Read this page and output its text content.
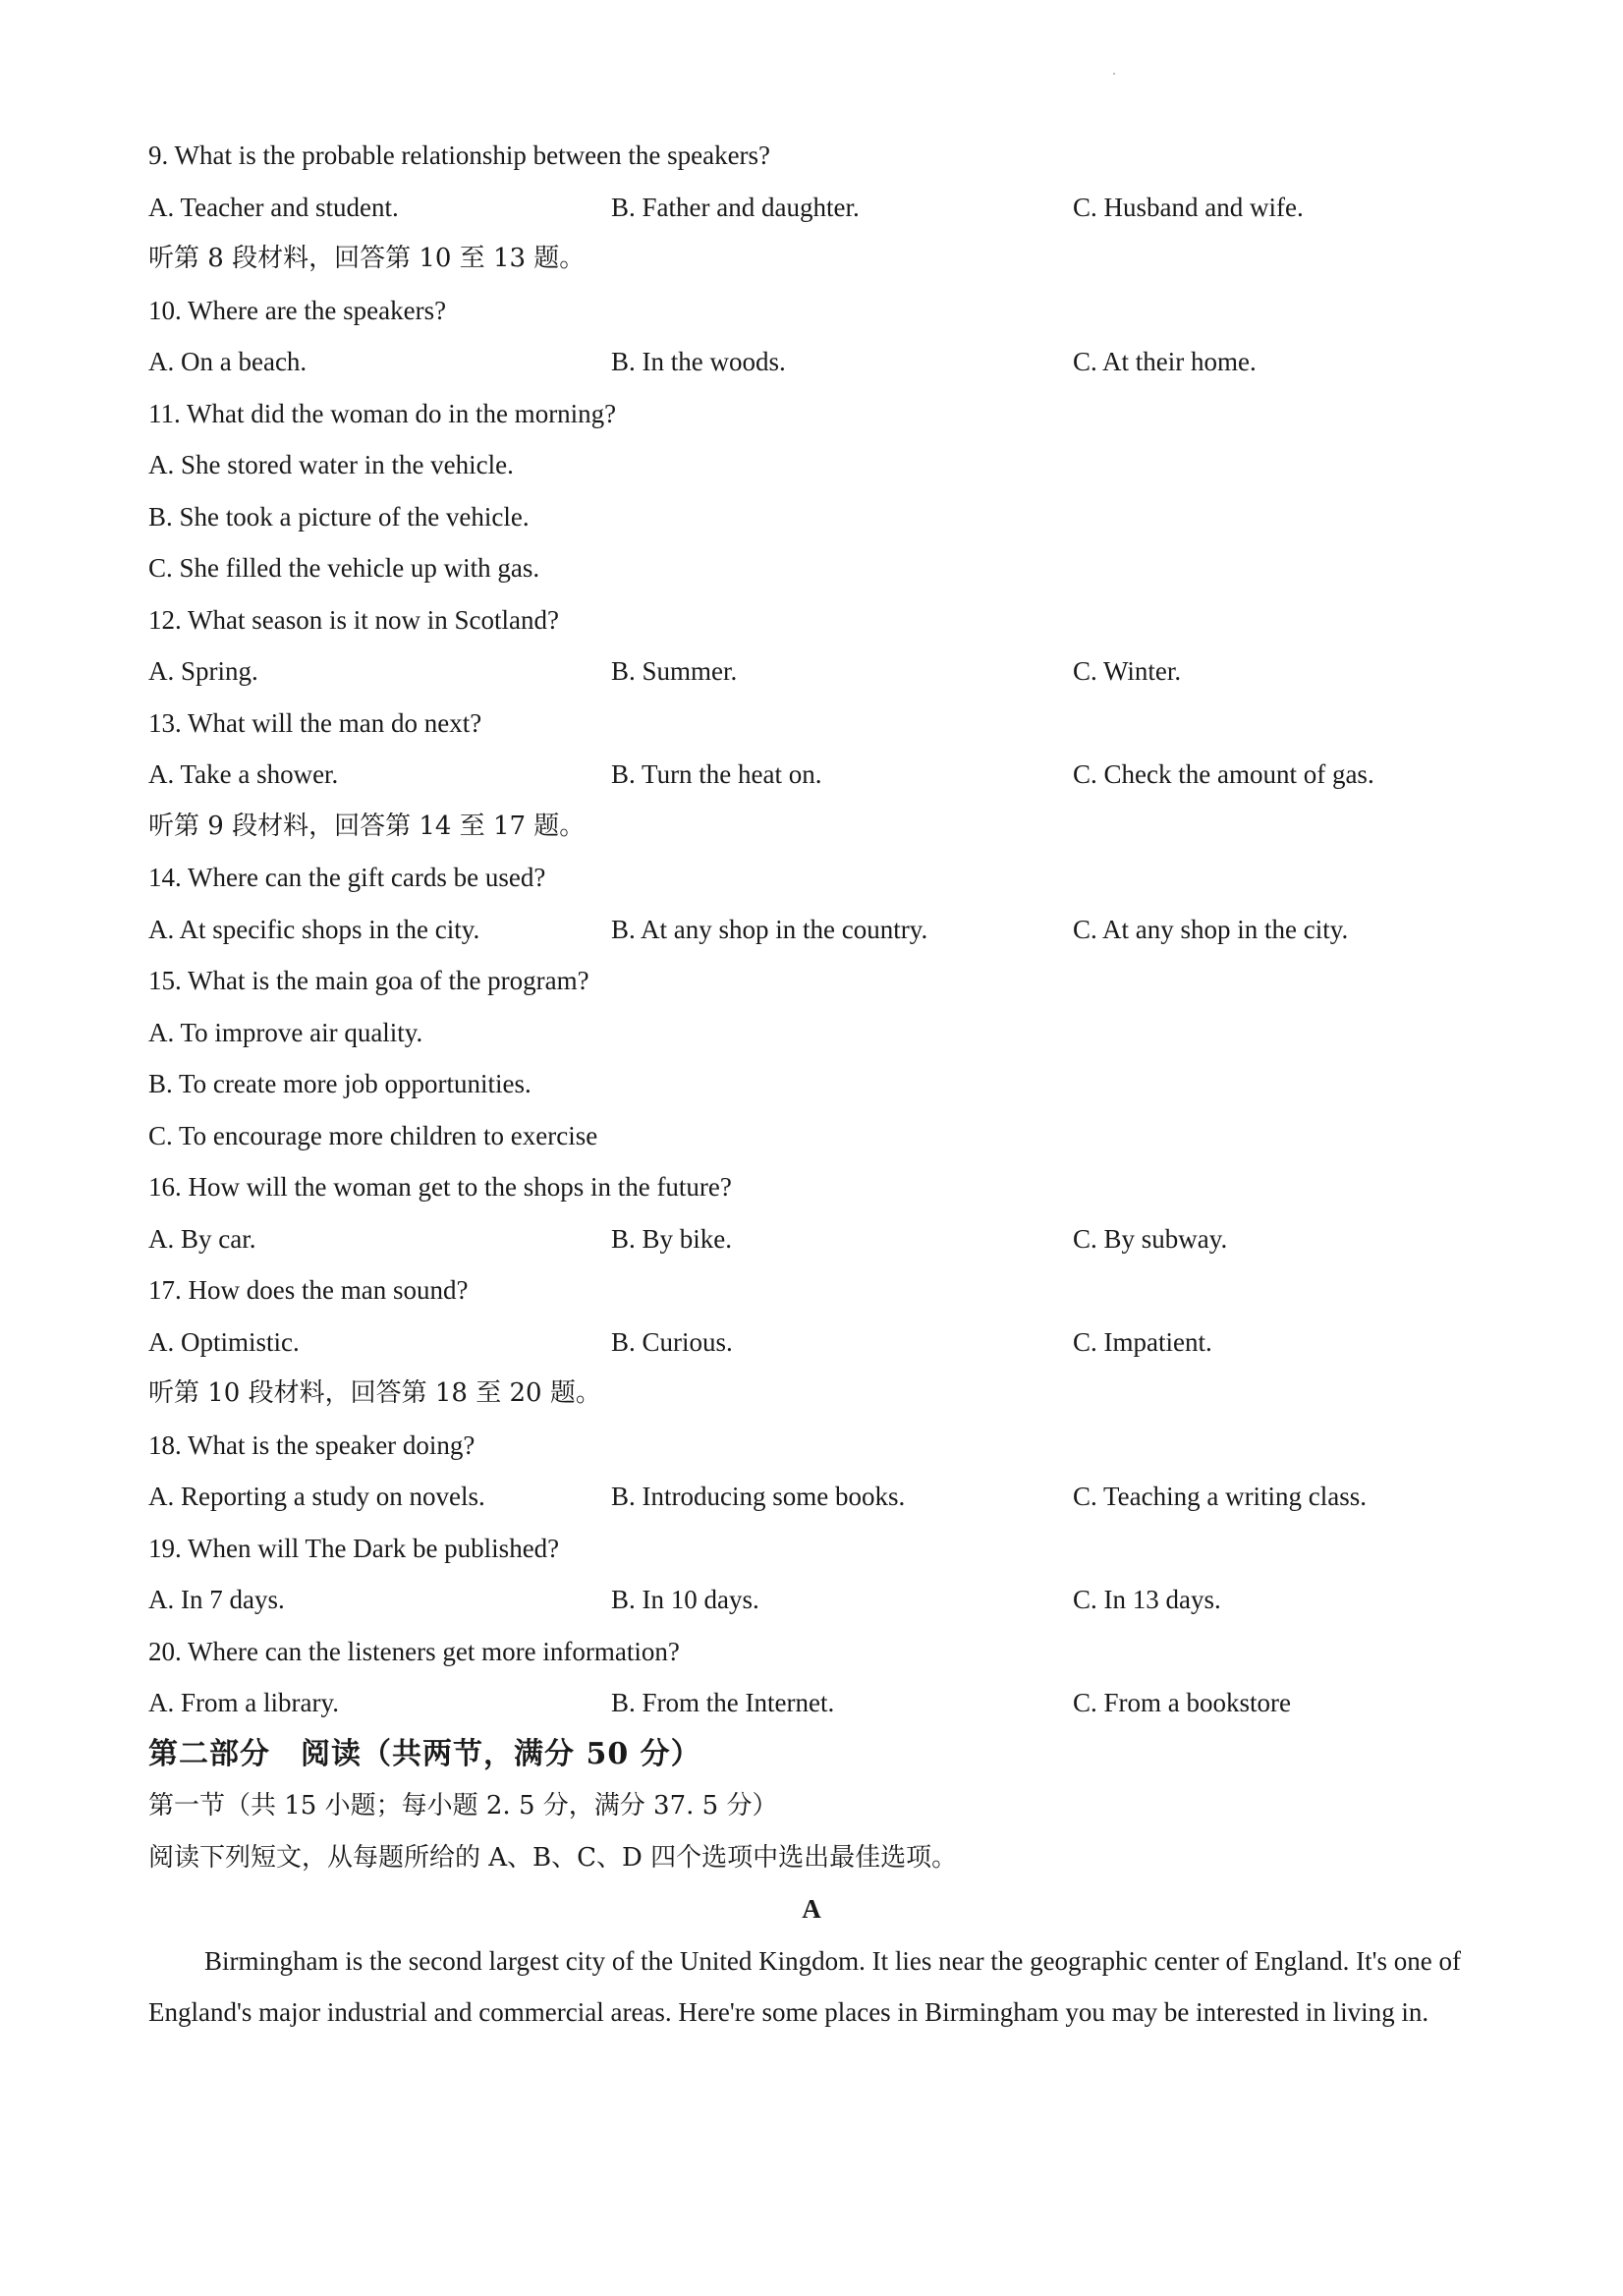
9. What is the probable relationship between the speakers?
A. Teacher and student.	B. Father and daughter.	C. Husband and wife.
听第 8 段材料，回答第 10 至 13 题。
10. Where are the speakers?
A. On a beach.	B. In the woods.	C. At their home.
11. What did the woman do in the morning?
A. She stored water in the vehicle.
B. She took a picture of the vehicle.
C. She filled the vehicle up with gas.
12. What season is it now in Scotland?
A. Spring.	B. Summer.	C. Winter.
13. What will the man do next?
A. Take a shower.	B. Turn the heat on.	C. Check the amount of gas.
听第 9 段材料，回答第 14 至 17 题。
14. Where can the gift cards be used?
A. At specific shops in the city.	B. At any shop in the country.	C. At any shop in the city.
15. What is the main goa of the program?
A. To improve air quality.
B. To create more job opportunities.
C. To encourage more children to exercise
16. How will the woman get to the shops in the future?
A. By car.	B. By bike.	C. By subway.
17. How does the man sound?
A. Optimistic.	B. Curious.	C. Impatient.
听第 10 段材料，回答第 18 至 20 题。
18. What is the speaker doing?
A. Reporting a study on novels.	B. Introducing some books.	C. Teaching a writing class.
19. When will The Dark be published?
A. In 7 days.	B. In 10 days.	C. In 13 days.
20. Where can the listeners get more information?
A. From a library.	B. From the Internet.	C. From a bookstore
第二部分　阅读（共两节，满分 50 分）
第一节（共 15 小题；每小题 2. 5 分，满分 37. 5 分）
阅读下列短文，从每题所给的 A、B、C、D 四个选项中选出最佳选项。
A

Birmingham is the second largest city of the United Kingdom. It lies near the geographic center of England. It's one of England's major industrial and commercial areas. Here're some places in Birmingham you may be interested in living in.
